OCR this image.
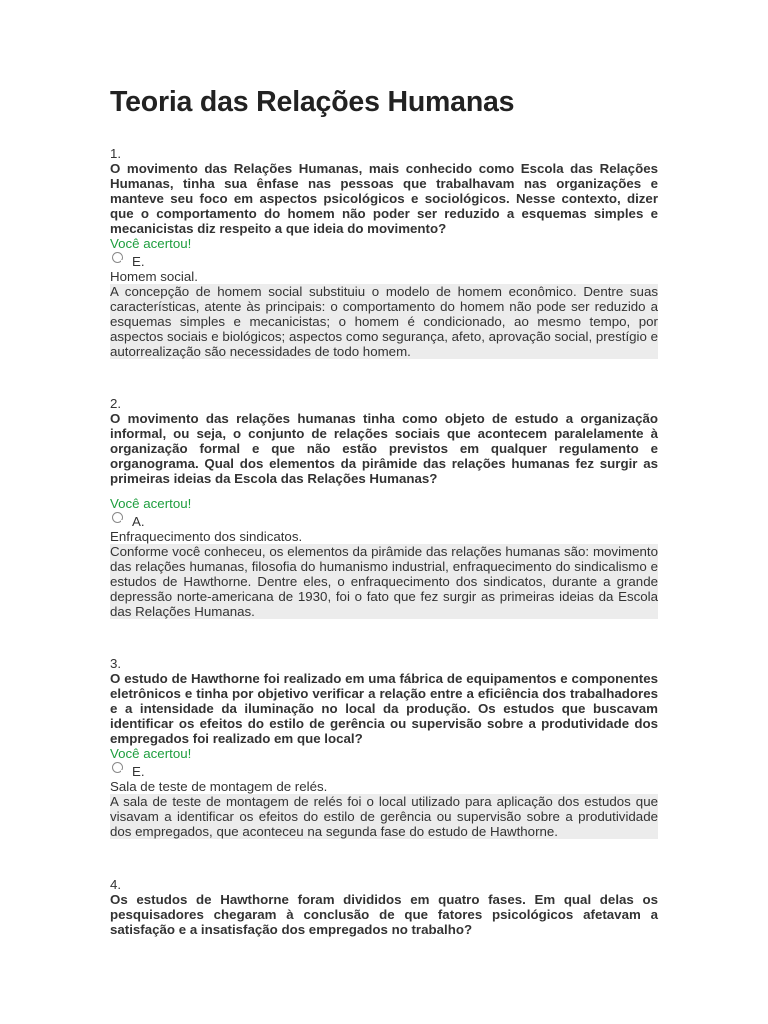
Teoria das Relações Humanas
1.
O movimento das Relações Humanas, mais conhecido como Escola das Relações Humanas, tinha sua ênfase nas pessoas que trabalhavam nas organizações e manteve seu foco em aspectos psicológicos e sociológicos. Nesse contexto, dizer que o comportamento do homem não poder ser reduzido a esquemas simples e mecanicistas diz respeito a que ideia do movimento?
Você acertou!
E.
Homem social.
A concepção de homem social substituiu o modelo de homem econômico. Dentre suas características, atente às principais: o comportamento do homem não pode ser reduzido a esquemas simples e mecanicistas; o homem é condicionado, ao mesmo tempo, por aspectos sociais e biológicos; aspectos como segurança, afeto, aprovação social, prestígio e autorrealização são necessidades de todo homem.
2.
O movimento das relações humanas tinha como objeto de estudo a organização informal, ou seja, o conjunto de relações sociais que acontecem paralelamente à organização formal e que não estão previstos em qualquer regulamento e organograma. Qual dos elementos da pirâmide das relações humanas fez surgir as primeiras ideias da Escola das Relações Humanas?
Você acertou!
A.
Enfraquecimento dos sindicatos.
Conforme você conheceu, os elementos da pirâmide das relações humanas são: movimento das relações humanas, filosofia do humanismo industrial, enfraquecimento do sindicalismo e estudos de Hawthorne. Dentre eles, o enfraquecimento dos sindicatos, durante a grande depressão norte-americana de 1930, foi o fato que fez surgir as primeiras ideias da Escola das Relações Humanas.
3.
O estudo de Hawthorne foi realizado em uma fábrica de equipamentos e componentes eletrônicos e tinha por objetivo verificar a relação entre a eficiência dos trabalhadores e a intensidade da iluminação no local da produção. Os estudos que buscavam identificar os efeitos do estilo de gerência ou supervisão sobre a produtividade dos empregados foi realizado em que local?
Você acertou!
E.
Sala de teste de montagem de relés.
A sala de teste de montagem de relés foi o local utilizado para aplicação dos estudos que visavam a identificar os efeitos do estilo de gerência ou supervisão sobre a produtividade dos empregados, que aconteceu na segunda fase do estudo de Hawthorne.
4.
Os estudos de Hawthorne foram divididos em quatro fases. Em qual delas os pesquisadores chegaram à conclusão de que fatores psicológicos afetavam a satisfação e a insatisfação dos empregados no trabalho?
